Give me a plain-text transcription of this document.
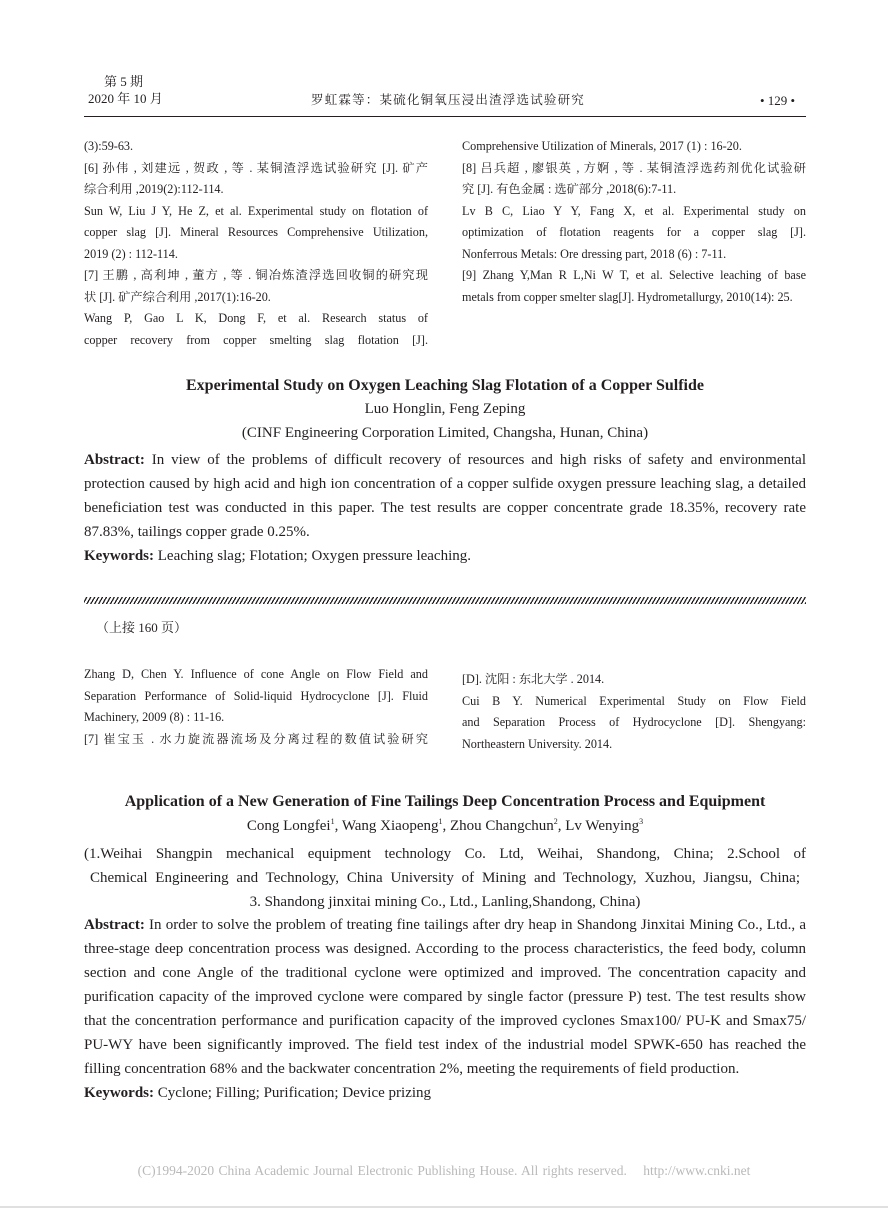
第 5 期
2020 年 10 月	罗虹霖等：某硫化铜氧压浸出渣浮选试验研究	• 129 •

(3):59-63.

[6] 孙伟 , 刘建远 , 贺政 , 等 . 某铜渣浮选试验研究 [J]. 矿产

综合利用 ,2019(2):112-114.

Sun W, Liu J Y, He Z, et al. Experimental study on flotation of

copper slag [J]. Mineral Resources Comprehensive Utilization,

2019 (2) : 112-114.

[7] 王鹏 , 高利坤 , 董方 , 等 . 铜冶炼渣浮选回收铜的研究现

状 [J]. 矿产综合利用 ,2017(1):16-20.

Wang P, Gao L K, Dong F, et al. Research status of

copper recovery from copper smelting slag flotation [J].

Comprehensive Utilization of Minerals, 2017 (1) : 16-20.

[8] 吕兵超 , 廖银英 , 方婀 , 等 . 某铜渣浮选药剂优化试验研

究 [J]. 有色金属 : 选矿部分 ,2018(6):7-11.

Lv B C, Liao Y Y, Fang X, et al. Experimental study on

optimization of flotation reagents for a copper slag [J].

Nonferrous Metals: Ore dressing part, 2018 (6) : 7-11.

[9] Zhang Y,Man R L,Ni W T, et al. Selective leaching of base

metals from copper smelter slag[J]. Hydrometallurgy, 2010(14): 25.

Experimental Study on Oxygen Leaching Slag Flotation of a Copper Sulfide
Luo Honglin, Feng Zeping
(CINF Engineering Corporation Limited, Changsha, Hunan, China)

Abstract: In view of the problems of difficult recovery of resources and high risks of safety and environmental protection caused by high acid and high ion concentration of a copper sulfide oxygen pressure leaching slag, a detailed beneficiation test was conducted in this paper. The test results are copper concentrate grade 18.35%, recovery rate 87.83%, tailings copper grade 0.25%.

Keywords: Leaching slag; Flotation; Oxygen pressure leaching.

（上接 160 页）

Zhang D, Chen Y. Influence of cone Angle on Flow Field and

Separation Performance of Solid-liquid Hydrocyclone [J]. Fluid

Machinery, 2009 (8) : 11-16.

[7] 崔宝玉 . 水力旋流器流场及分离过程的数值试验研究

[D]. 沈阳 : 东北大学 . 2014.

Cui B Y. Numerical Experimental Study on Flow Field

and Separation Process of Hydrocyclone [D]. Shengyang:

Northeastern University. 2014.

Application of a New Generation of Fine Tailings Deep Concentration Process and Equipment
Cong Longfei$^1$, Wang Xiaopeng$^1$, Zhou Changchun$^2$, Lv Wenying$^3$

(1.Weihai Shangpin mechanical equipment technology Co. Ltd, Weihai, Shandong, China; 2.School of

Chemical Engineering and Technology, China University of Mining and Technology, Xuzhou, Jiangsu, China;

3. Shandong jinxitai mining Co., Ltd., Lanling,Shandong, China)

Abstract: In order to solve the problem of treating fine tailings after dry heap in Shandong Jinxitai Mining Co., Ltd., a three-stage deep concentration process was designed. According to the process characteristics, the feed body, column section and cone Angle of the traditional cyclone were optimized and improved. The concentration capacity and purification capacity of the improved cyclone were compared by single factor (pressure P) test. The test results show that the concentration performance and purification capacity of the improved cyclones Smax100/ PU-K and Smax75/ PU-WY have been significantly improved. The field test index of the industrial model SPWK-650 has reached the filling concentration 68% and the backwater concentration 2%, meeting the requirements of field production.

Keywords: Cyclone; Filling; Purification; Device prizing

(C)1994-2020 China Academic Journal Electronic Publishing House. All rights reserved. http://www.cnki.net
